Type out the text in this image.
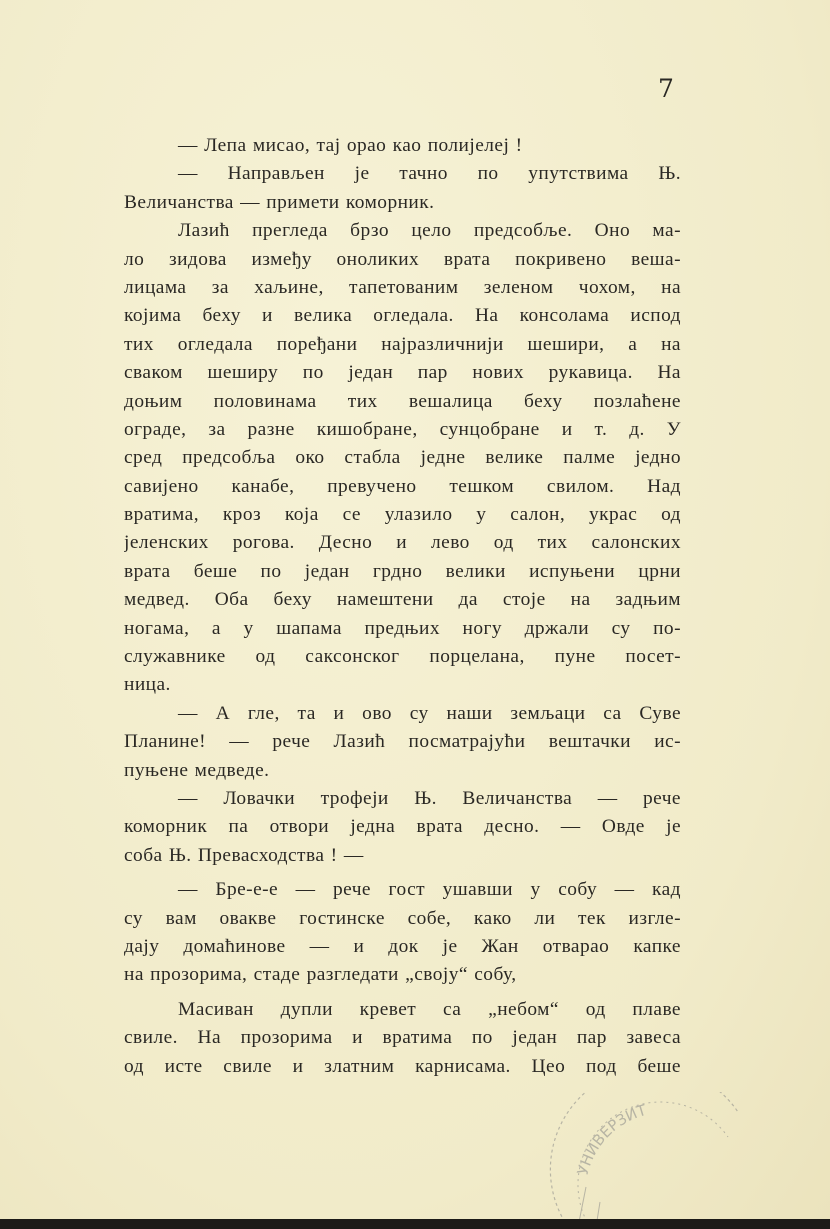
7
— Лепа мисао, тај орао као полијелеј !
— Направљен је тачно по упутствима Њ.
Величанства — примети коморник.
Лазић прегледа брзо цело предсобље. Оно ма-
ло зидова између оноликих врата покривено веша-
лицама за хаљине, тапетованим зеленом чохом, на
којима беху и велика огледала. На консолама испод
тих огледала поређани најразличнији шешири, а на
сваком шеширу по један пар нових рукавица. На
доњим половинама тих вешалица беху позлаћене
ограде, за разне кишобране, сунцобране и т. д. У
сред предсобља око стабла једне велике палме једно
савијено канабе, превучено тешком свилом. Над
вратима, кроз која се улазило у салон, украс од
јеленских рогова. Десно и лево од тих салонских
врата беше по један грдно велики испуњени црни
медвед. Оба беху намештени да стоје на задњим
ногама, а у шапама предњих ногу држали су по-
служавнике од саксонског порцелана, пуне посет-
ница.
— А гле, та и ово су наши земљаци са Суве
Планине! — рече Лазић посматрајући вештачки ис-
пуњене медведе.
— Ловачки трофеји Њ. Величанства — рече
коморник па отвори једна врата десно. — Овде је
соба Њ. Превасходства ! —
— Бре-е-е — рече гост ушавши у собу — кад
су вам овакве гостинске собе, како ли тек изгле-
дају домаћинове — и док је Жан отварао капке
на прозорима, стаде разгледати „своју“ собу,
Масиван дупли кревет са „небом“ од плаве
свиле. На прозорима и вратима по један пар завеса
од исте свиле и златним карнисама. Цео под беше
УНИВЕРЗИТ
